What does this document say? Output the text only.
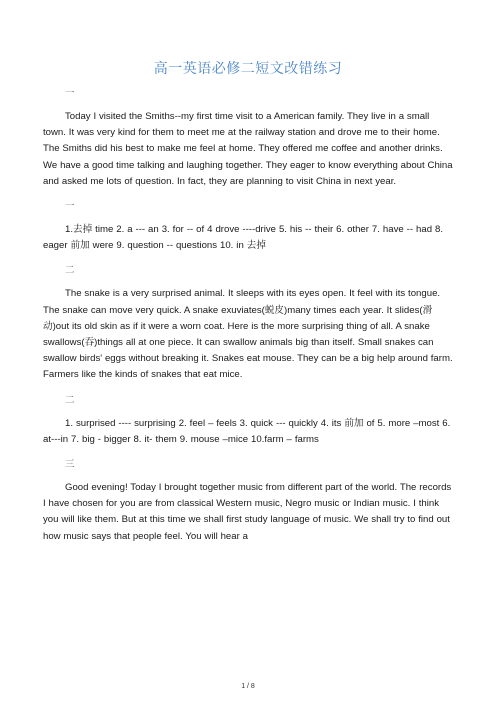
高一英语必修二短文改错练习
一

Today I visited the Smiths--my first time visit to a American family. They live in a small town. It was very kind for them to meet me at the railway station and drove me to their home. The Smiths did his best to make me feel at home. They offered me coffee and another drinks. We have a good time talking and laughing together. They eager to know everything about China and asked me lots of question. In fact, they are planning to visit China in next year.

一

1.去掉 time 2. a --- an 3. for -- of 4 drove ----drive 5. his -- their 6. other 7. have -- had 8. eager 前加 were 9. question -- questions 10. in 去掉

二

The snake is a very surprised animal. It sleeps with its eyes open. It feel with its tongue. The snake can move very quick. A snake exuviates(蜕皮)many times each year. It slides(滑动)out its old skin as if it were a worn coat. Here is the more surprising thing of all. A snake swallows(吞)things all at one piece. It can swallow animals big than itself. Small snakes can swallow birds' eggs without breaking it. Snakes eat mouse. They can be a big help around farm. Farmers like the kinds of snakes that eat mice.

二

1. surprised ---- surprising 2. feel – feels 3. quick --- quickly 4. its 前加 of 5. more –most 6. at---in 7. big - bigger 8. it- them 9. mouse –mice 10.farm – farms

三

Good evening! Today I brought together music from different part of the world. The records I have chosen for you are from classical Western music, Negro music or Indian music. I think you will like them. But at this time we shall first study language of music. We shall try to find out how music says that people feel. You will hear a

1 / 8
